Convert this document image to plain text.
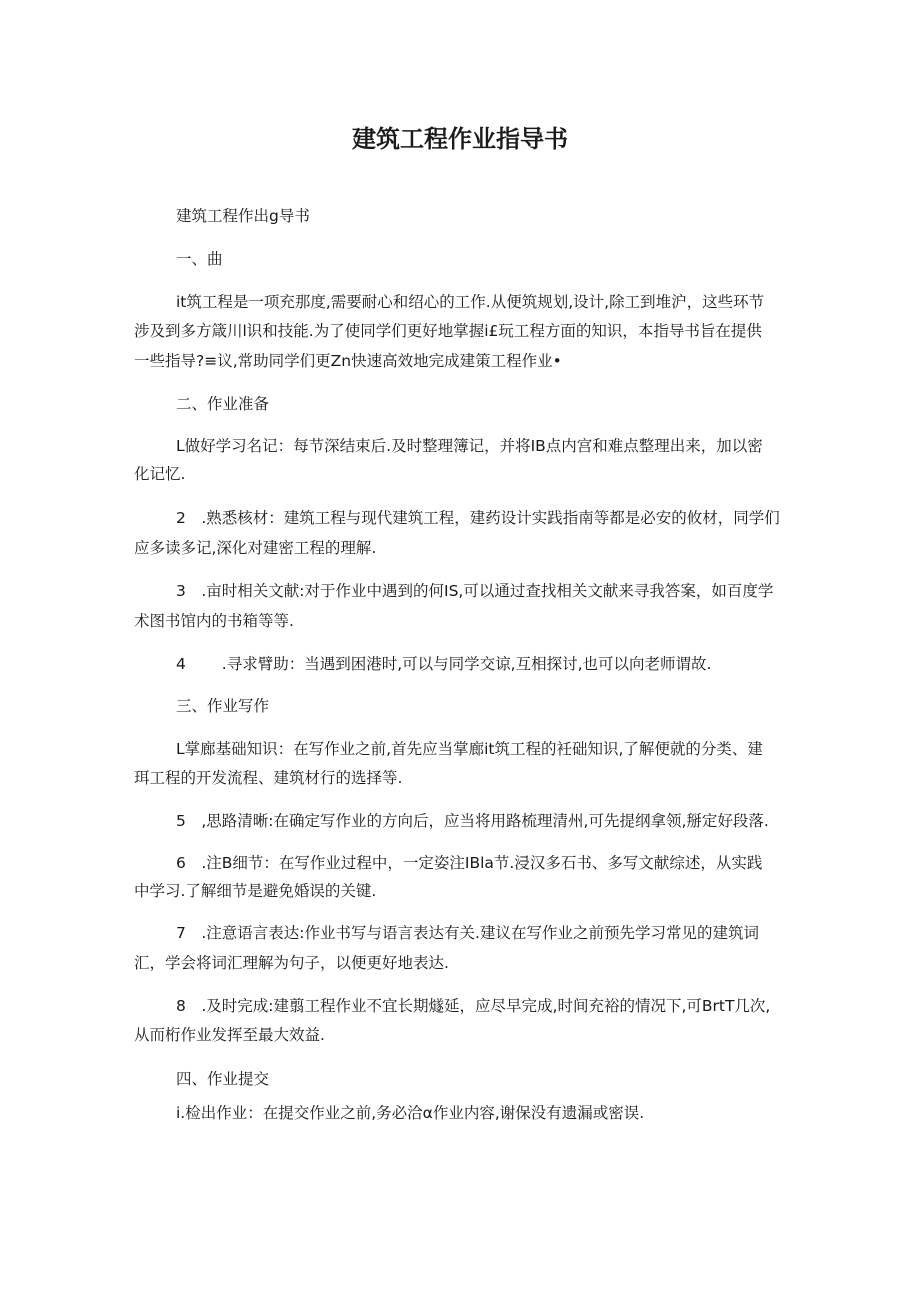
建筑工程作业指导书

建筑工程作出g导书

一、曲

it筑工程是一项充那度,需要耐心和绍心的工作.从便筑规划,设计,除工到堆沪，这些环节

涉及到多方箴川l识和技能.为了使同学们更好地掌握i£玩工程方面的知识，本指导书旨在提供

一些指导?≡议,常助同学们更Zn快速高效地完成建策工程作业•

二、作业准备

L做好学习名记：每节深结束后.及时整理簿记，并将IB点内宫和难点整理出来，加以密

化记忆.

2　.熟悉核材：建筑工程与现代建筑工程，建药设计实践指南等都是必安的攸材，同学们

应多读多记,深化对建密工程的理解.

3　.亩时相关文献:对于作业中遇到的何IS,可以通过查找相关文献来寻我答案，如百度学

术图书馆内的书箱等等.

4　　 .寻求臂助：当遇到困港时,可以与同学交谅,互相探讨,也可以向老师谓故.

三、作业写作

L掌廊基础知识：在写作业之前,首先应当掌廊it筑工程的衽础知识,了解便就的分类、建

珥工程的开发流程、建筑材行的选择等.

5　,思路清晰:在确定写作业的方向后，应当将用路梳理清州,可先提纲拿领,掰定好段落.

6　.注B细节：在写作业过程中，一定姿注IBla节.浸汉多石书、多写文献综述，从实践

中学习.了解细节是避免婚误的关键.

7　.注意语言表达:作业书写与语言表达有关.建议在写作业之前预先学习常见的建筑词

汇，学会将词汇理解为句子，以便更好地表达.

8　.及时完成:建翦工程作业不宜长期燧延，应尽早完成,时间充裕的情况下,可BrtT几次,

从而桁作业发挥至最大效益.

四、作业提交

i.检出作业：在提交作业之前,务必洽α作业内容,谢保没有遗漏或密误.
